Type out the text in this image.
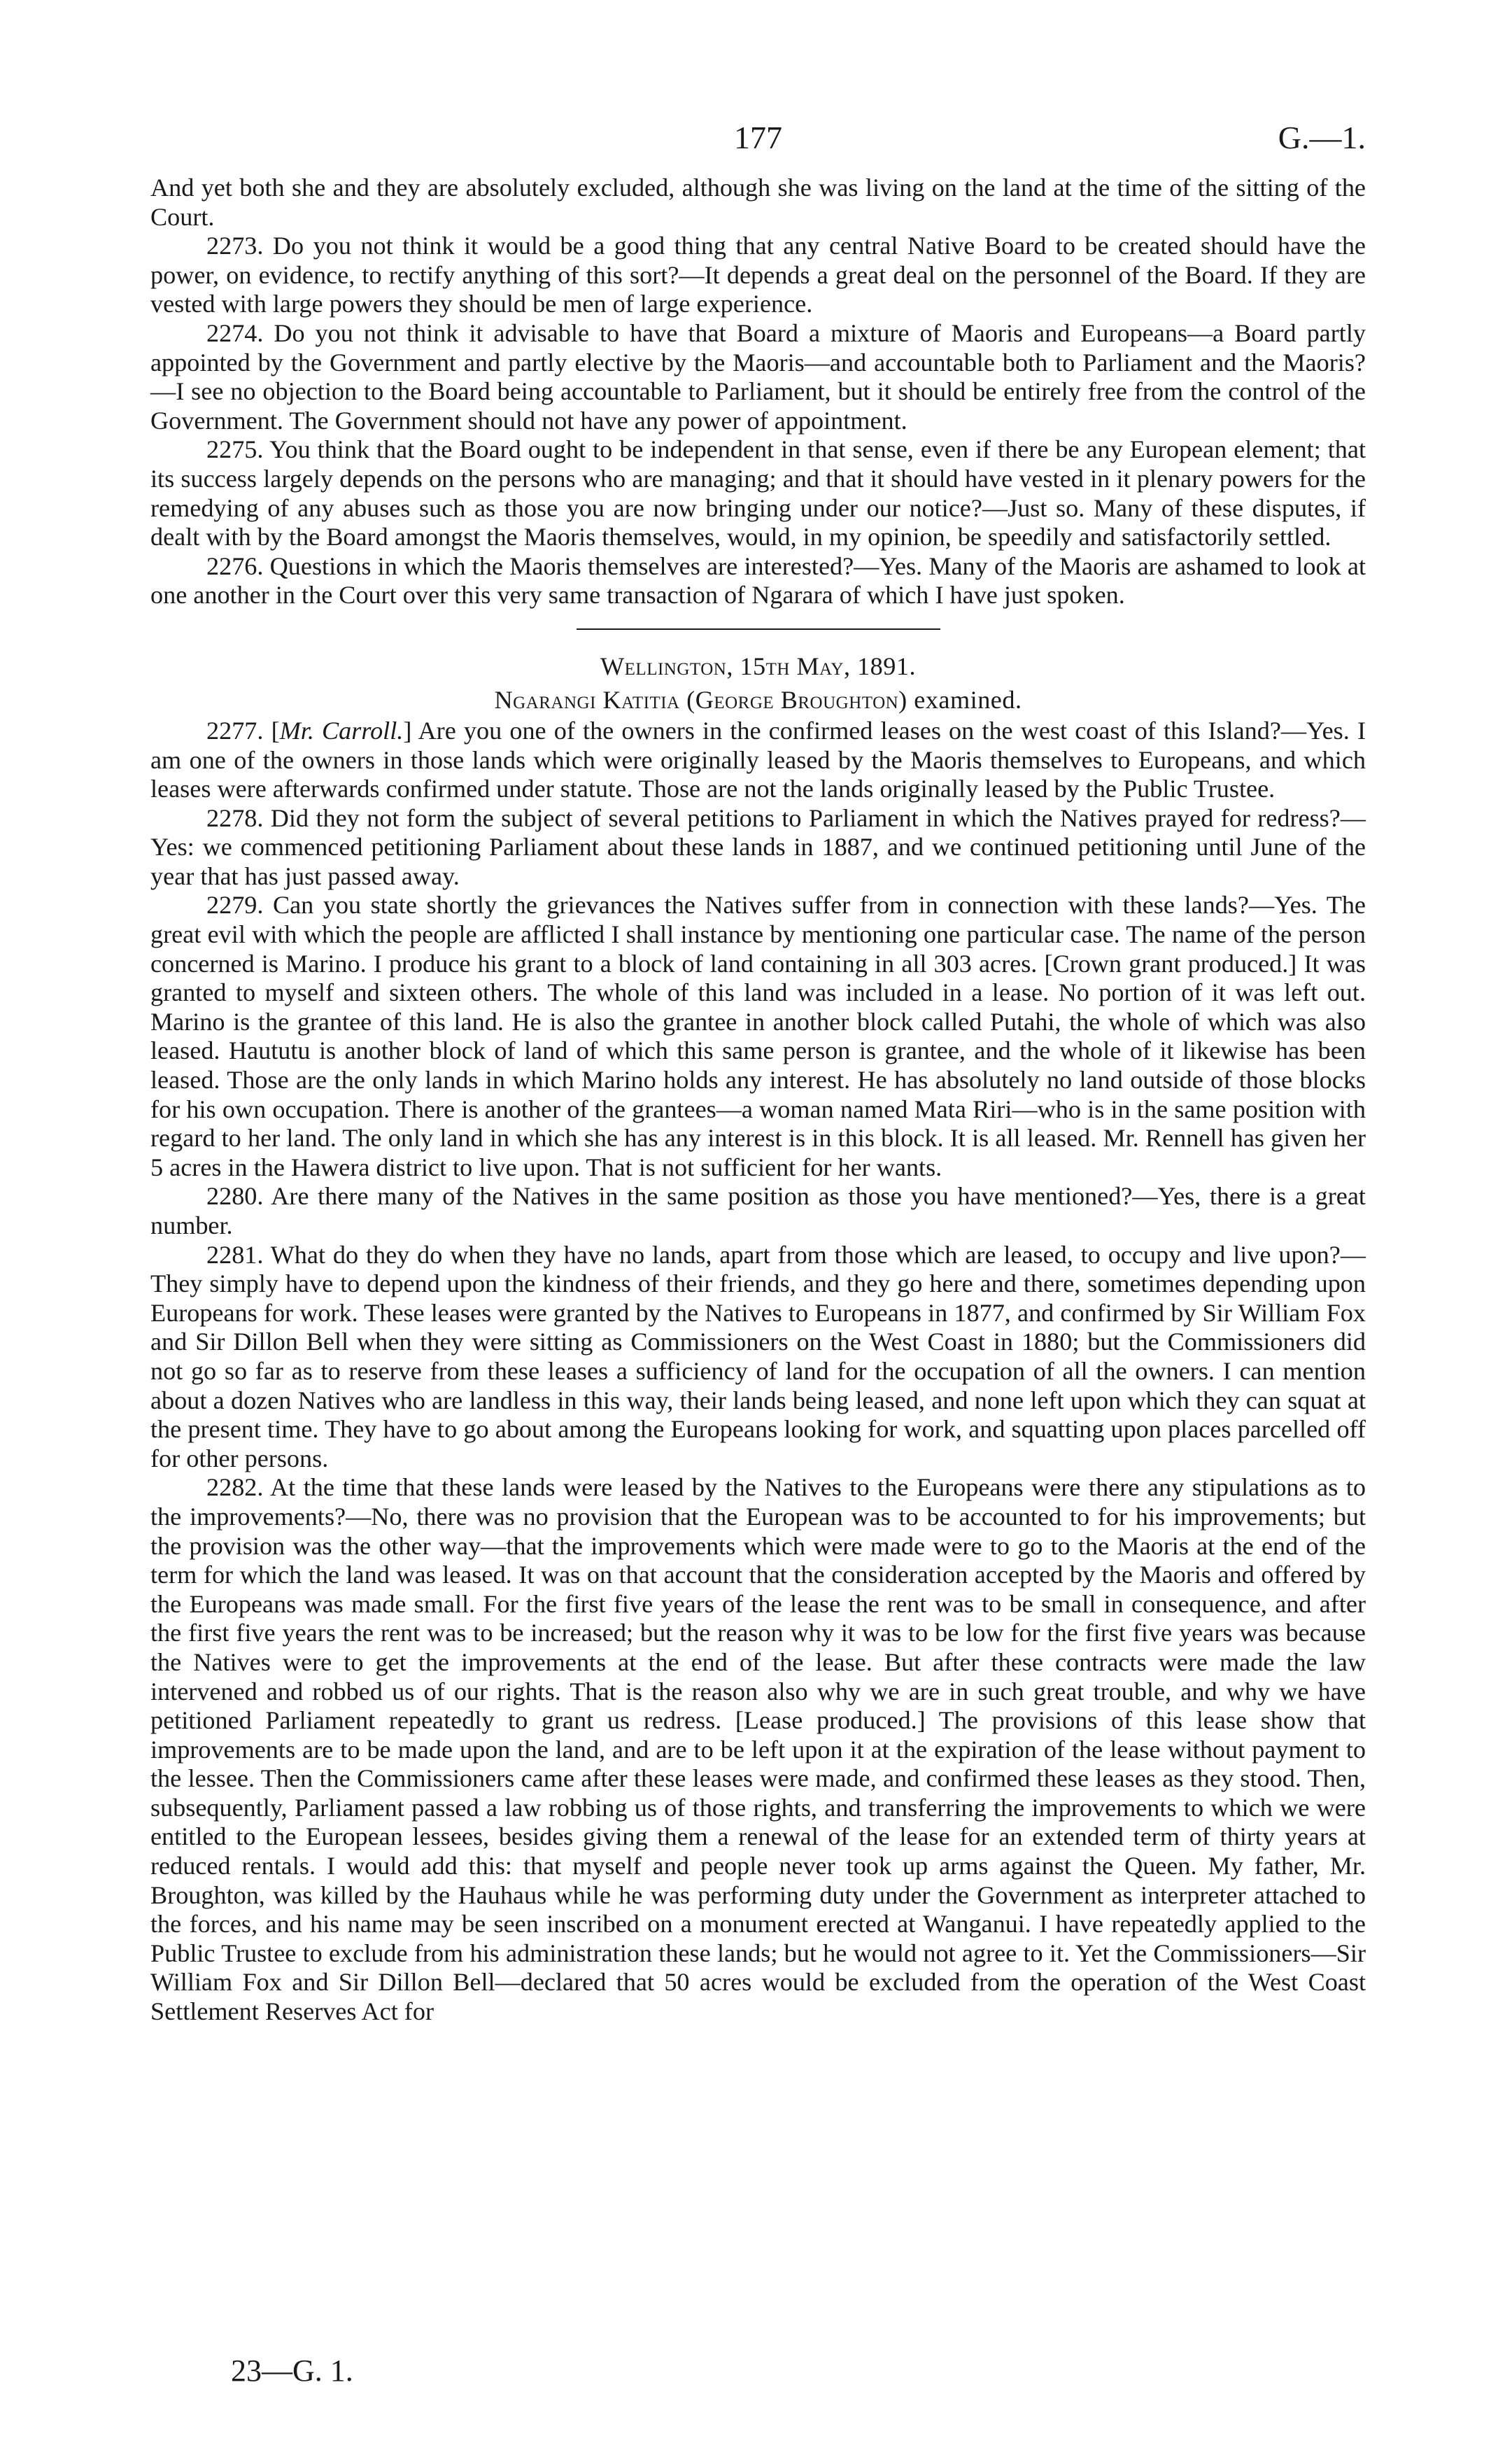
177	G.—1.

And yet both she and they are absolutely excluded, although she was living on the land at the time of the sitting of the Court.

2273. Do you not think it would be a good thing that any central Native Board to be created should have the power, on evidence, to rectify anything of this sort?—It depends a great deal on the personnel of the Board. If they are vested with large powers they should be men of large experience.

2274. Do you not think it advisable to have that Board a mixture of Maoris and Europeans—a Board partly appointed by the Government and partly elective by the Maoris—and accountable both to Parliament and the Maoris?—I see no objection to the Board being accountable to Parliament, but it should be entirely free from the control of the Government. The Government should not have any power of appointment.

2275. You think that the Board ought to be independent in that sense, even if there be any European element; that its success largely depends on the persons who are managing; and that it should have vested in it plenary powers for the remedying of any abuses such as those you are now bringing under our notice?—Just so. Many of these disputes, if dealt with by the Board amongst the Maoris themselves, would, in my opinion, be speedily and satisfactorily settled.

2276. Questions in which the Maoris themselves are interested?—Yes. Many of the Maoris are ashamed to look at one another in the Court over this very same transaction of Ngarara of which I have just spoken.

Wellington, 15th May, 1891.
Ngarangi Katitia (George Broughton) examined.

2277. [Mr. Carroll.] Are you one of the owners in the confirmed leases on the west coast of this Island?—Yes. I am one of the owners in those lands which were originally leased by the Maoris themselves to Europeans, and which leases were afterwards confirmed under statute. Those are not the lands originally leased by the Public Trustee.

2278. Did they not form the subject of several petitions to Parliament in which the Natives prayed for redress?—Yes: we commenced petitioning Parliament about these lands in 1887, and we continued petitioning until June of the year that has just passed away.

2279. Can you state shortly the grievances the Natives suffer from in connection with these lands?—Yes. The great evil with which the people are afflicted I shall instance by mentioning one particular case. The name of the person concerned is Marino. I produce his grant to a block of land containing in all 303 acres. [Crown grant produced.] It was granted to myself and sixteen others. The whole of this land was included in a lease. No portion of it was left out. Marino is the grantee of this land. He is also the grantee in another block called Putahi, the whole of which was also leased. Haututu is another block of land of which this same person is grantee, and the whole of it likewise has been leased. Those are the only lands in which Marino holds any interest. He has absolutely no land outside of those blocks for his own occupation. There is another of the grantees—a woman named Mata Riri—who is in the same position with regard to her land. The only land in which she has any interest is in this block. It is all leased. Mr. Rennell has given her 5 acres in the Hawera district to live upon. That is not sufficient for her wants.

2280. Are there many of the Natives in the same position as those you have mentioned?—Yes, there is a great number.

2281. What do they do when they have no lands, apart from those which are leased, to occupy and live upon?—They simply have to depend upon the kindness of their friends, and they go here and there, sometimes depending upon Europeans for work. These leases were granted by the Natives to Europeans in 1877, and confirmed by Sir William Fox and Sir Dillon Bell when they were sitting as Commissioners on the West Coast in 1880; but the Commissioners did not go so far as to reserve from these leases a sufficiency of land for the occupation of all the owners. I can mention about a dozen Natives who are landless in this way, their lands being leased, and none left upon which they can squat at the present time. They have to go about among the Europeans looking for work, and squatting upon places parcelled off for other persons.

2282. At the time that these lands were leased by the Natives to the Europeans were there any stipulations as to the improvements?—No, there was no provision that the European was to be accounted to for his improvements; but the provision was the other way—that the improvements which were made were to go to the Maoris at the end of the term for which the land was leased. It was on that account that the consideration accepted by the Maoris and offered by the Europeans was made small. For the first five years of the lease the rent was to be small in consequence, and after the first five years the rent was to be increased; but the reason why it was to be low for the first five years was because the Natives were to get the improvements at the end of the lease. But after these contracts were made the law intervened and robbed us of our rights. That is the reason also why we are in such great trouble, and why we have petitioned Parliament repeatedly to grant us redress. [Lease produced.] The provisions of this lease show that improvements are to be made upon the land, and are to be left upon it at the expiration of the lease without payment to the lessee. Then the Commissioners came after these leases were made, and confirmed these leases as they stood. Then, subsequently, Parliament passed a law robbing us of those rights, and transferring the improvements to which we were entitled to the European lessees, besides giving them a renewal of the lease for an extended term of thirty years at reduced rentals. I would add this: that myself and people never took up arms against the Queen. My father, Mr. Broughton, was killed by the Hauhaus while he was performing duty under the Government as interpreter attached to the forces, and his name may be seen inscribed on a monument erected at Wanganui. I have repeatedly applied to the Public Trustee to exclude from his administration these lands; but he would not agree to it. Yet the Commissioners—Sir William Fox and Sir Dillon Bell—declared that 50 acres would be excluded from the operation of the West Coast Settlement Reserves Act for

23—G. 1.
